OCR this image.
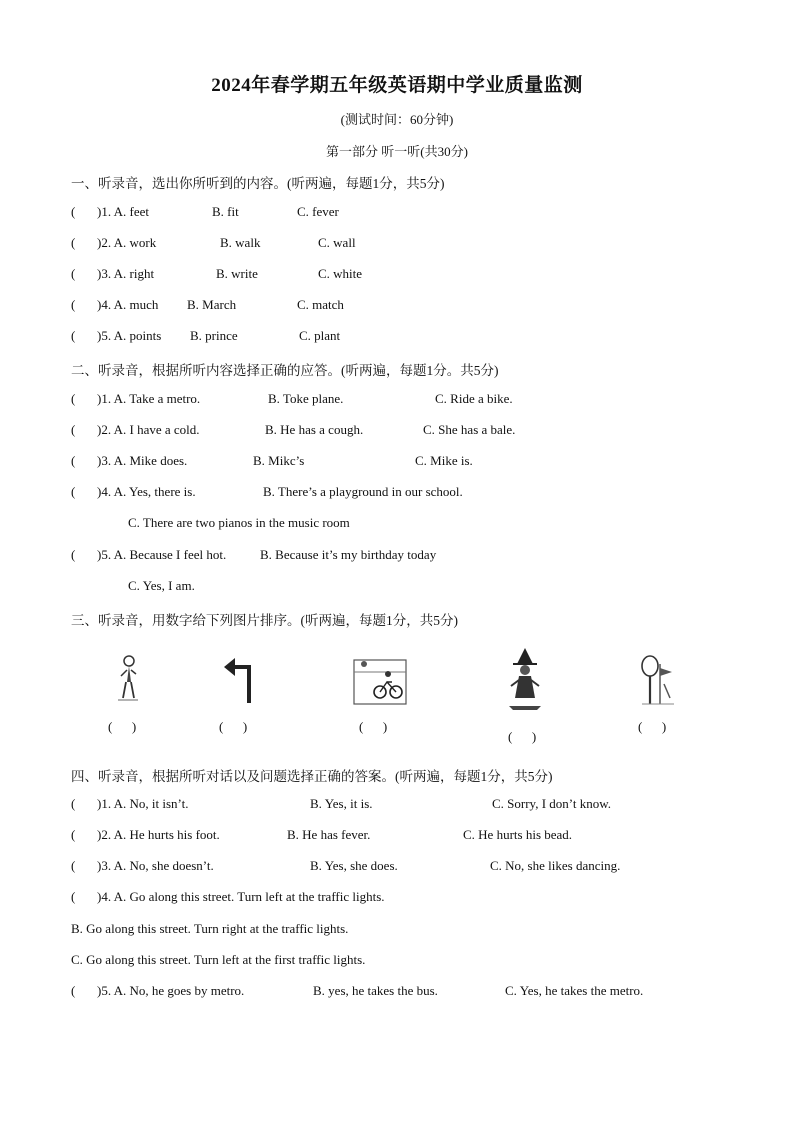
2024年春学期五年级英语期中学业质量监测
(测试时间：60分钟)
第一部分 听一听(共30分)
一、听录音，选出你所听到的内容。(听两遍，每题1分，共5分)
( )1. A. feet	B. fit	C. fever
( )2. A. work	B. walk	C. wall
( )3. A. right	B. write	C. white
( )4. A. much B. March	C. match
( )5. A. points B. prince	C. plant
二、听录音，根据所听内容选择正确的应答。(听两遍，每题1分。共5分)
( )1. A. Take a metro.	B. Toke plane.	C. Ride a bike.
( )2. A. I have a cold.	B. He has a cough.	C. She has a bale.
( )3. A. Mike does.	B. Mikc’s	C. Mike is.
( )4. A. Yes, there is.	B. There’s a playground in our school.
C. There are two pianos in the music room
( )5. A. Because I feel hot.	B. Because it’s my birthday today
C. Yes, I am.
三、听录音，用数字给下列图片排序。(听两遍，每题1分，共5分)
(      )	(      )	(      )
(      )
(      )
四、听录音，根据所听对话以及问题选择正确的答案。(听两遍，每题1分，共5分)
( )1. A. No, it isn’t.	B. Yes, it is.	C. Sorry, I don’t know.
( )2. A. He hurts his foot.	B. He has fever.	C. He hurts his bead.
( )3. A. No, she doesn’t.	B. Yes, she does.	C. No, she likes dancing.
( )4. A. Go along this street. Turn left at the traffic lights.
B. Go along this street. Turn right at the traffic lights.
C. Go along this street. Turn left at the first traffic lights.
( )5. A. No, he goes by metro.	B. yes, he takes the bus.	C. Yes, he takes the metro.
